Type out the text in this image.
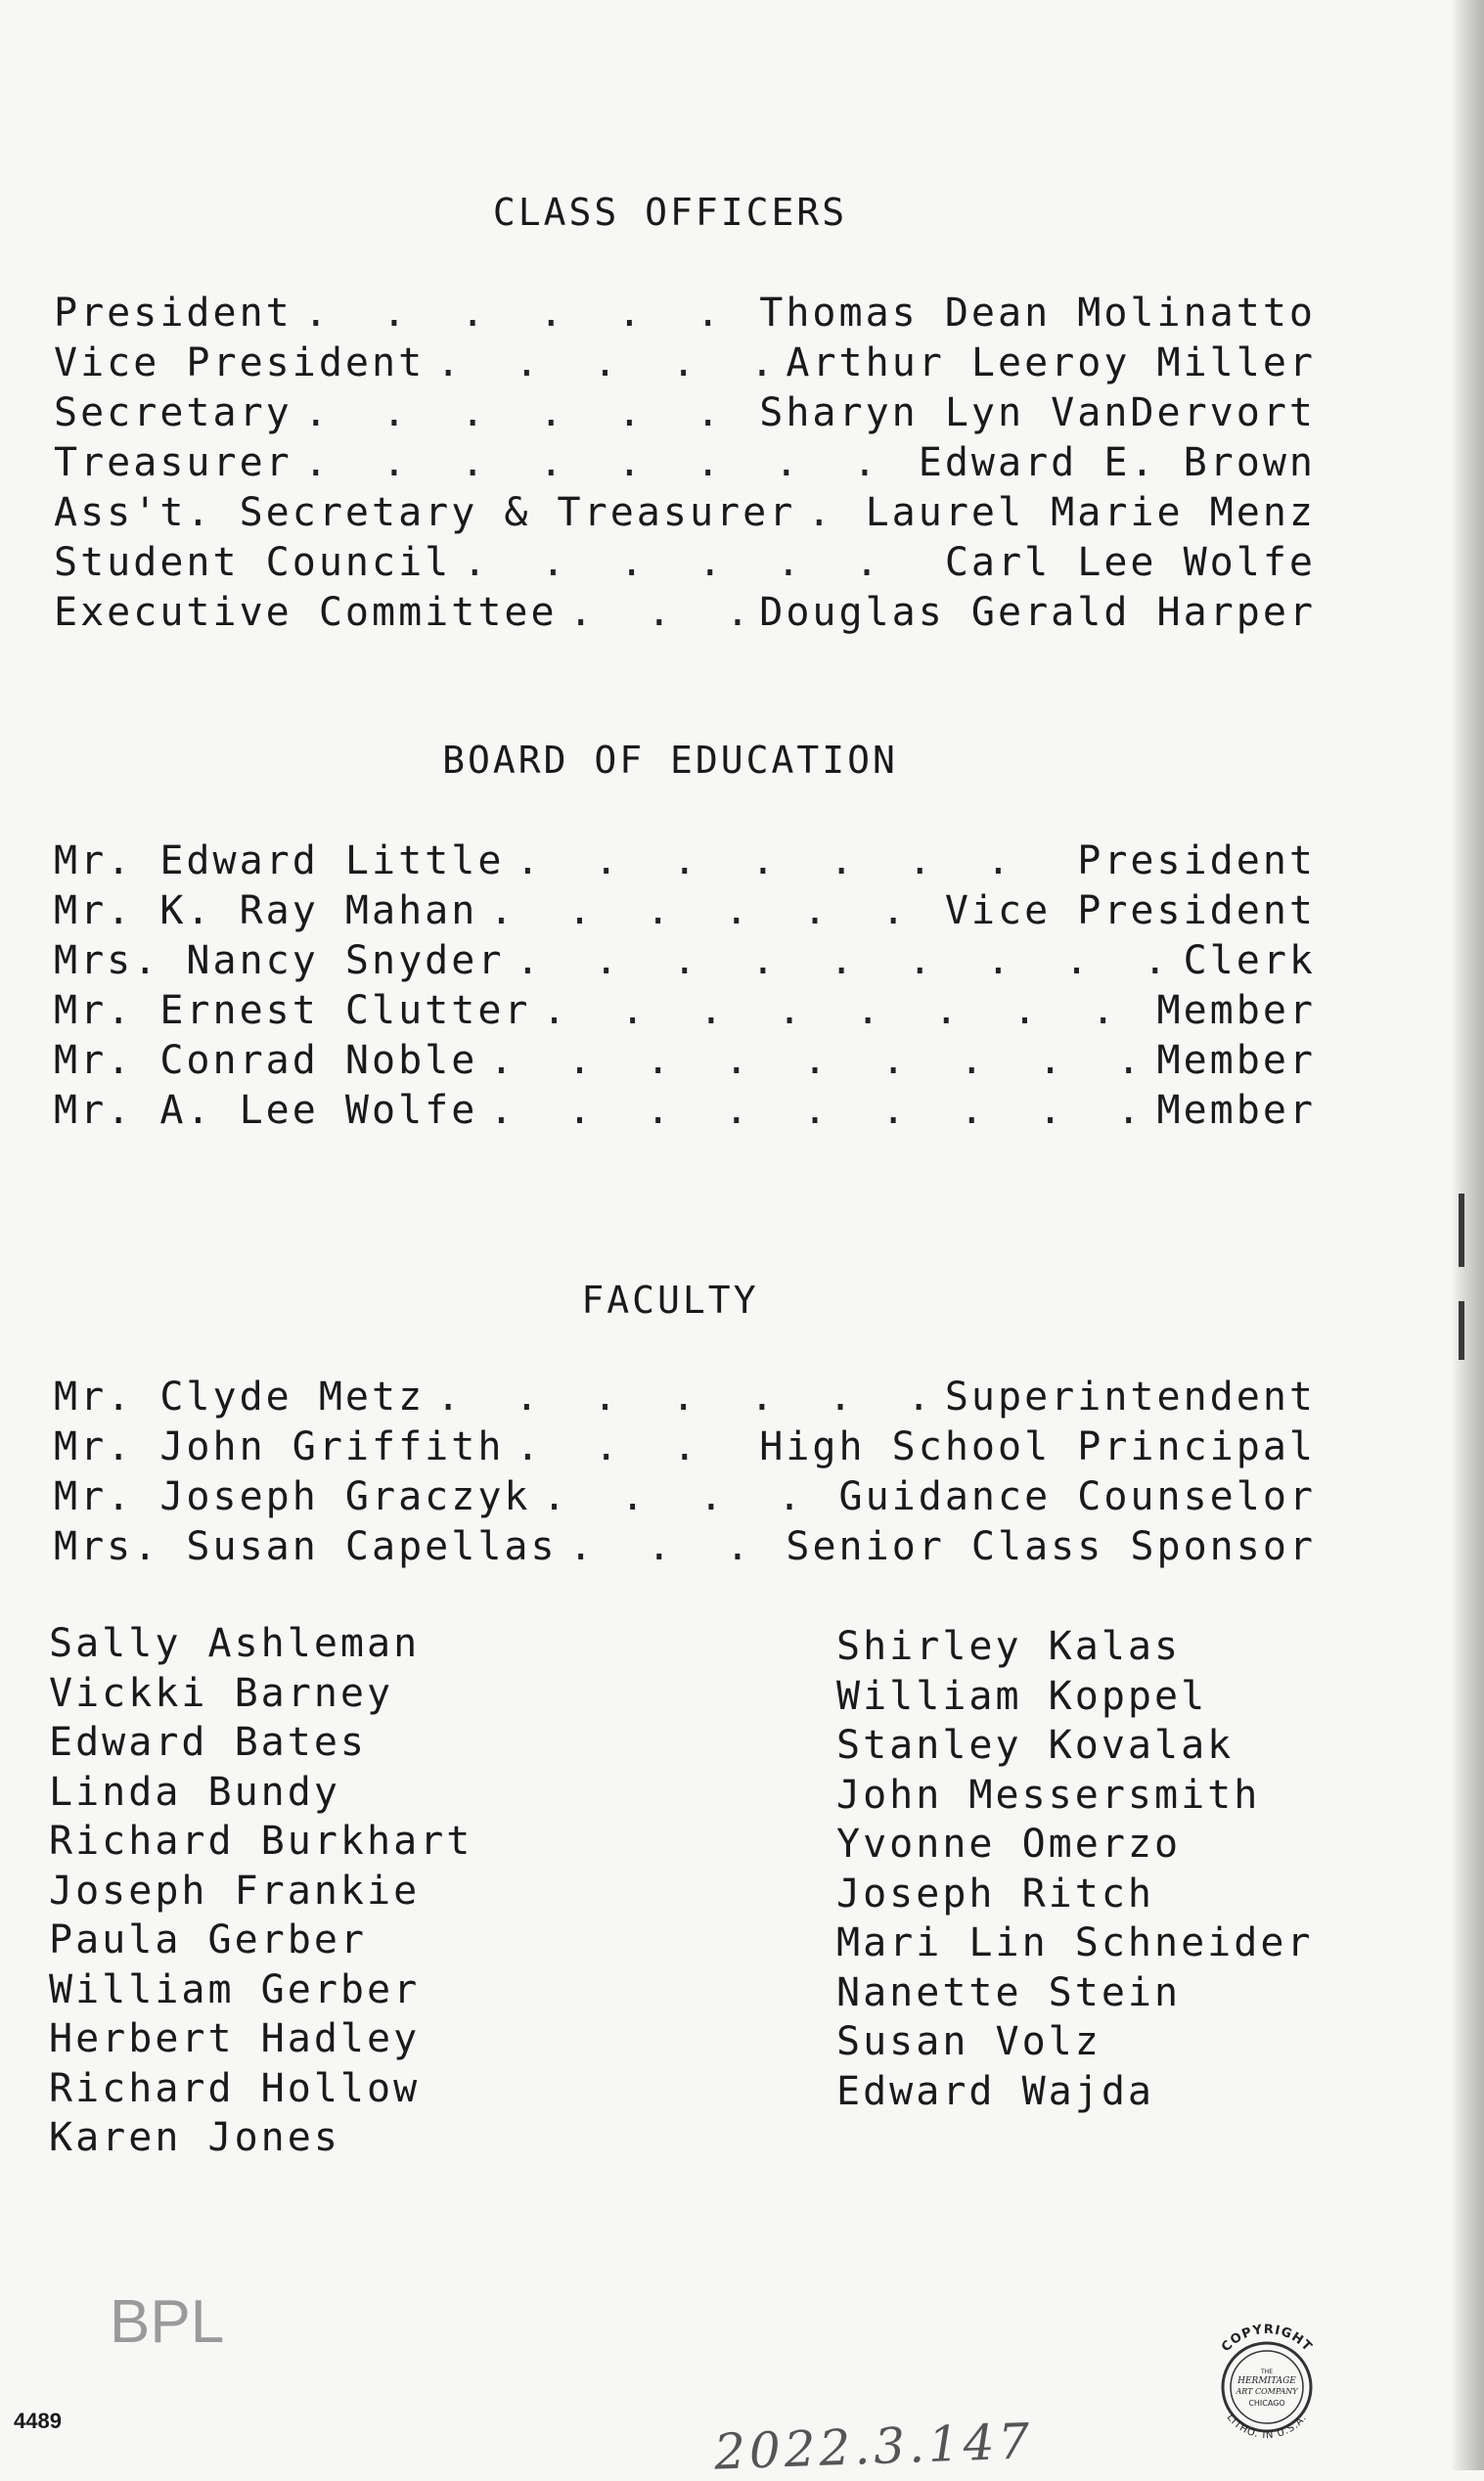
CLASS OFFICERS
President . . .	Thomas Dean Molinatto
Vice President . . .	Arthur Leeroy Miller
Secretary . . .	Sharyn Lyn VanDervort
Treasurer . . .	Edward E. Brown
Ass't. Secretary & Treasurer . . . Laurel Marie Menz
Student Council . . .	Carl Lee Wolfe
Executive Committee . . .	Douglas Gerald Harper
BOARD OF EDUCATION
Mr. Edward Little . . .	President
Mr. K. Ray Mahan . . .	Vice President
Mrs. Nancy Snyder . . .	Clerk
Mr. Ernest Clutter . . .	Member
Mr. Conrad Noble . . .	Member
Mr. A. Lee Wolfe . . .	Member
FACULTY
Mr. Clyde Metz . . .	Superintendent
Mr. John Griffith . . .	High School Principal
Mr. Joseph Graczyk . . .	Guidance Counselor
Mrs. Susan Capellas . . .	Senior Class Sponsor
Sally Ashleman
Vickki Barney
Edward Bates
Linda Bundy
Richard Burkhart
Joseph Frankie
Paula Gerber
William Gerber
Herbert Hadley
Richard Hollow
Karen Jones
Shirley Kalas
William Koppel
Stanley Kovalak
John Messersmith
Yvonne Omerzo
Joseph Ritch
Mari Lin Schneider
Nanette Stein
Susan Volz
Edward Wajda
BPL
4489	2022.3.147
COPYRIGHT
THE
HERMITAGE
ART COMPANY
CHICAGO
LITHO. IN U.S.A.
